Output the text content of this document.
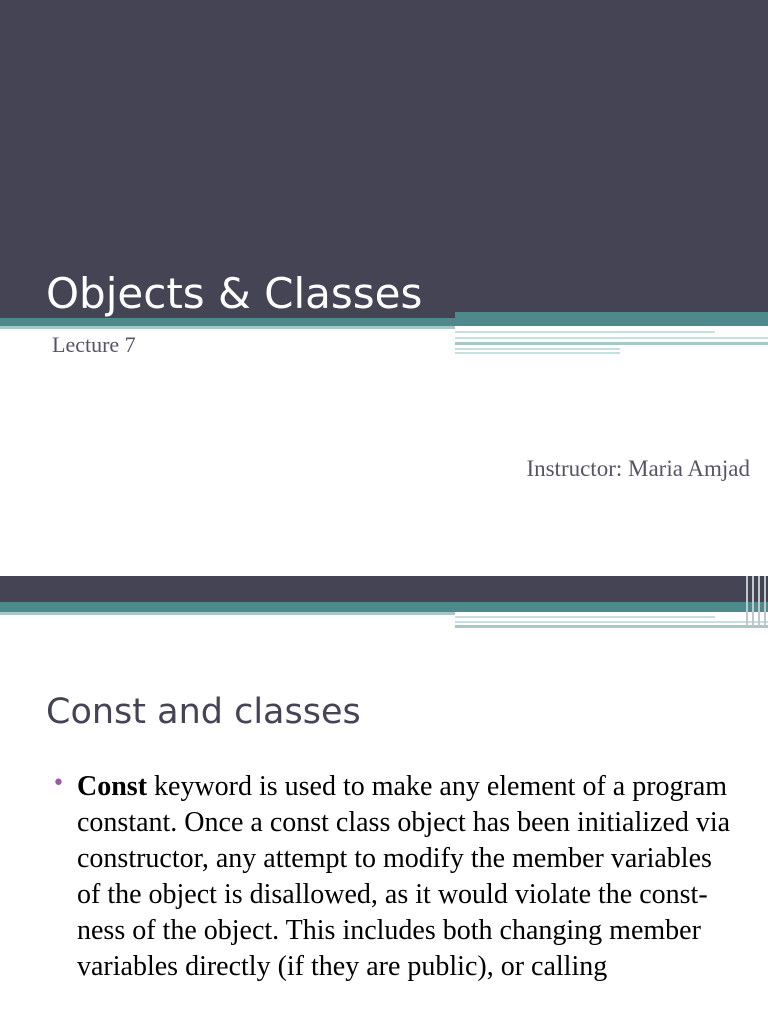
Objects & Classes
Lecture 7
Instructor: Maria Amjad
Const and classes
• Const keyword is used to make any element of a program constant. Once a const class object has been initialized via constructor, any attempt to modify the member variables of the object is disallowed, as it would violate the const-ness of the object. This includes both changing member variables directly (if they are public), or calling
